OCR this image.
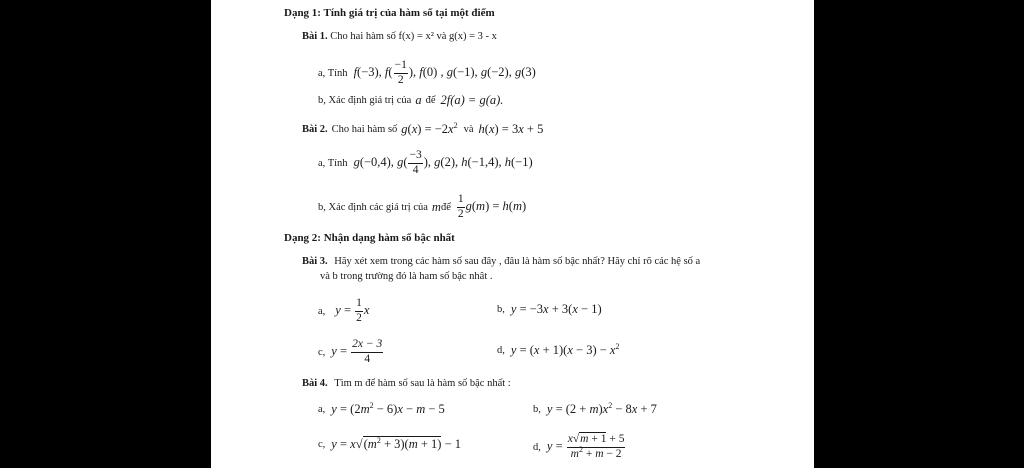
Dạng 1: Tính giá trị của hàm số tại một điểm
Bài 1. Cho hai hàm số f(x) = x² và g(x) = 3 - x
a, Tính f(−3), $f( \frac{-1}{2}$ ), f(0) , g(−1), g(−2), g(3)
b, Xác định giá trị của a để 2f(a) = g(a).
Bài 2. Cho hai hàm số $g(x) = -2x^2$ và h(x) = 3x + 5
a, Tính g(−0,4), $g( \frac{-3}{4}$ ), g(2), h(−1,4), h(−1)
b, Xác định các giá trị của m để $\frac{1}{2} g(m) = h(m)$
Dạng 2: Nhận dạng hàm số bậc nhất
Bài 3. Hãy xét xem trong các hàm số sau đây , đâu là hàm số bậc nhất? Hãy chỉ rõ các hệ số a
và b trong trường đó là ham số bậc nhât .
a, $y = \frac{1}{2}$ x	b, y = −3x + 3(x − 1)
c, $y = \frac{2x - 3}{4}$	d, $y = (x + 1)(x - 3) - x^2$
Bài 4. Tìm m để hàm số sau là hàm số bậc nhất :
a, $y = (2m^2 - 6)x - m - 5$	b, $y = (2 + m)x^2 - 8x + 7$
c, $y = x√(m^2 + 3)(m + 1) - 1$	d, $y = \frac{x√m + 1 + 5}{m^2 + m - 2}$
